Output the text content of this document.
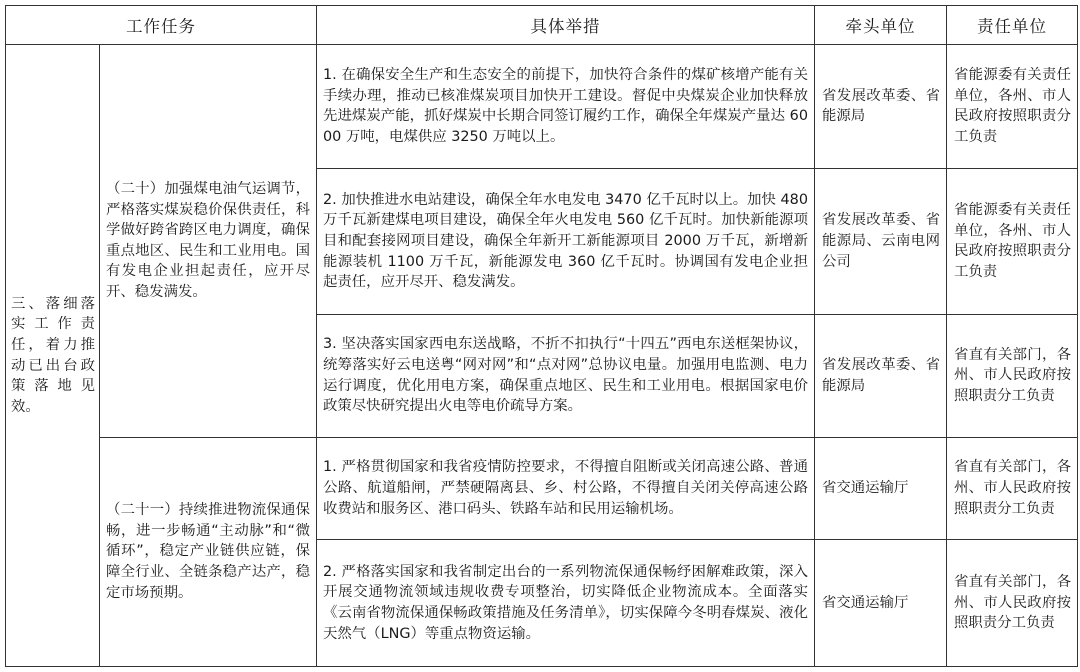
工作任务		具体举措	牵头单位	责任单位
三、落细落实工作责任，着力推动已出台政策落地见效。	（二十）加强煤电油气运调节，严格落实煤炭稳价保供责任，科学做好跨省跨区电力调度，确保重点地区、民生和工业用电。国有发电企业担起责任，应开尽开、稳发满发。	1. 在确保安全生产和生态安全的前提下，加快符合条件的煤矿核增产能有关手续办理，推动已核准煤炭项目加快开工建设。督促中央煤炭企业加快释放先进煤炭产能，抓好煤炭中长期合同签订履约工作，确保全年煤炭产量达 6000 万吨，电煤供应 3250 万吨以上。	省发展改革委、省能源局	省能源委有关责任单位，各州、市人民政府按照职责分工负责
		2. 加快推进水电站建设，确保全年水电发电 3470 亿千瓦时以上。加快 480 万千瓦新建煤电项目建设，确保全年火电发电 560 亿千瓦时。加快新能源项目和配套接网项目建设，确保全年新开工新能源项目 2000 万千瓦，新增新能源装机 1100 万千瓦，新能源发电 360 亿千瓦时。协调国有发电企业担起责任，应开尽开、稳发满发。	省发展改革委、省能源局、云南电网公司	省能源委有关责任单位，各州、市人民政府按照职责分工负责
		3. 坚决落实国家西电东送战略，不折不扣执行“十四五”西电东送框架协议，统筹落实好云电送粤“网对网”和“点对网”总协议电量。加强用电监测、电力运行调度，优化用电方案，确保重点地区、民生和工业用电。根据国家电价政策尽快研究提出火电等电价疏导方案。	省发展改革委、省能源局	省直有关部门，各州、市人民政府按照职责分工负责
	（二十一）持续推进物流保通保畅，进一步畅通“主动脉”和“微循环”，稳定产业链供应链，保障全行业、全链条稳产达产，稳定市场预期。	1. 严格贯彻国家和我省疫情防控要求，不得擅自阻断或关闭高速公路、普通公路、航道船闸，严禁硬隔离县、乡、村公路，不得擅自关闭关停高速公路收费站和服务区、港口码头、铁路车站和民用运输机场。	省交通运输厅	省直有关部门，各州、市人民政府按照职责分工负责
		2. 严格落实国家和我省制定出台的一系列物流保通保畅纾困解难政策，深入开展交通物流领域违规收费专项整治，切实降低企业物流成本。全面落实《云南省物流保通保畅政策措施及任务清单》，切实保障今冬明春煤炭、液化天然气（LNG）等重点物资运输。	省交通运输厅	省直有关部门，各州、市人民政府按照职责分工负责
